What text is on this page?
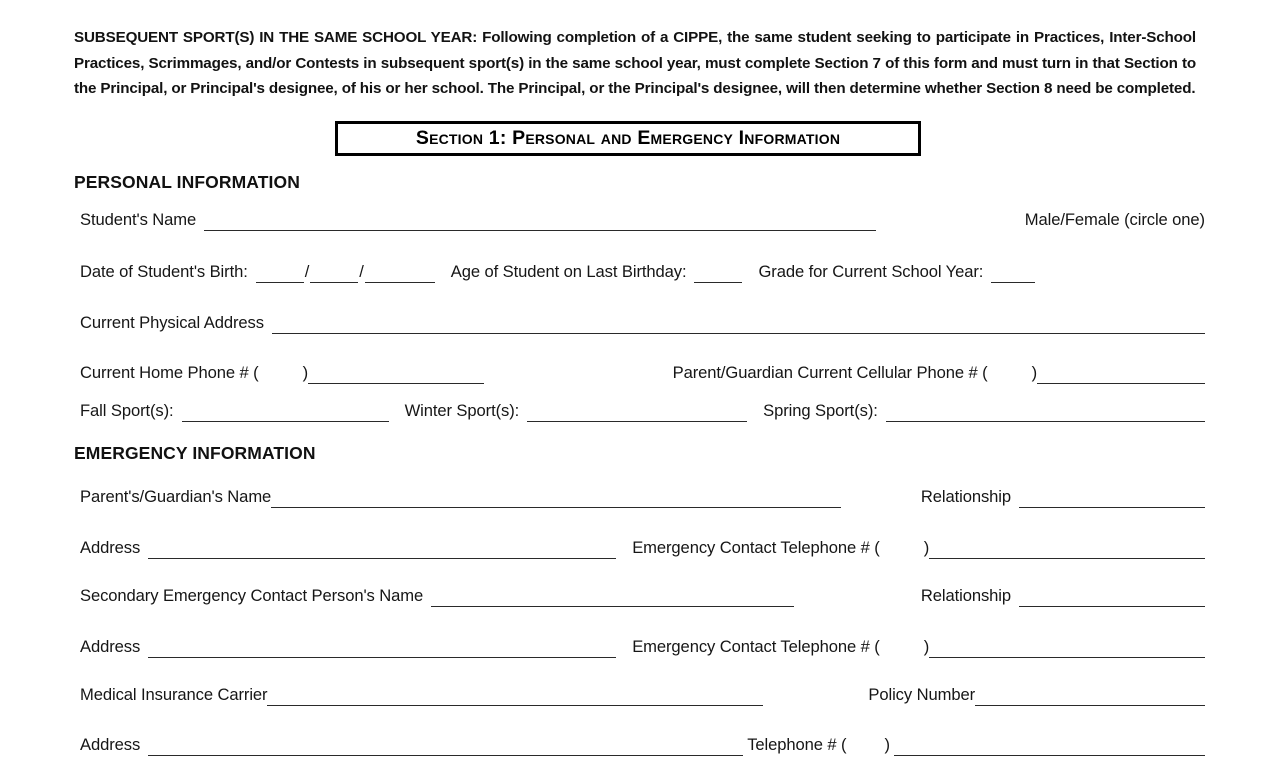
SUBSEQUENT SPORT(S) IN THE SAME SCHOOL YEAR: Following completion of a CIPPE, the same student seeking to participate in Practices, Inter-School Practices, Scrimmages, and/or Contests in subsequent sport(s) in the same school year, must complete Section 7 of this form and must turn in that Section to the Principal, or Principal's designee, of his or her school. The Principal, or the Principal's designee, will then determine whether Section 8 need be completed.

Section 1: Personal and Emergency Information
PERSONAL INFORMATION
Student's Name	Male/Female (circle one)
Date of Student's Birth:	/	/	Age of Student on Last Birthday:	Grade for Current School Year:
Current Physical Address
Current Home Phone # (	)	Parent/Guardian Current Cellular Phone # (	)
Fall Sport(s):	Winter Sport(s):	Spring Sport(s):
EMERGENCY INFORMATION
Parent's/Guardian's Name	Relationship
Address	Emergency Contact Telephone # (	)
Secondary Emergency Contact Person's Name	Relationship
Address	Emergency Contact Telephone # (	)
Medical Insurance Carrier	Policy Number
Address	Telephone # ( )
